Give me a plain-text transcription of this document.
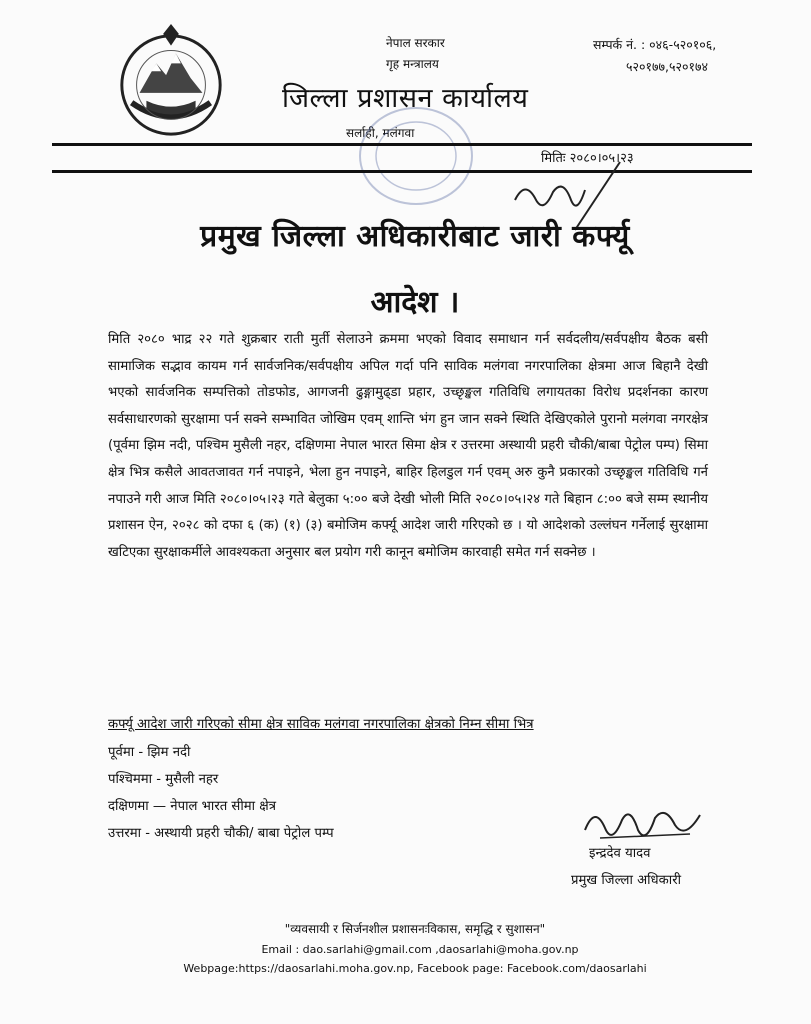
नेपाल सरकार
गृह मन्त्रालय
सम्पर्क नं. : ०४६-५२०१०६,
५२०१७७,५२०१७४
जिल्ला प्रशासन कार्यालय
सर्लाही, मलंगवा
मितिः २०८०।०५।२३
प्रमुख जिल्ला अधिकारीबाट जारी कर्फ्यू
आदेश ।
मिति २०८० भाद्र २२ गते शुक्रबार राती मुर्ती सेलाउने क्रममा भएको विवाद समाधान गर्न सर्वदलीय/सर्वपक्षीय बैठक बसी सामाजिक सद्भाव कायम गर्न सार्वजनिक/सर्वपक्षीय अपिल गर्दा पनि साविक मलंगवा नगरपालिका क्षेत्रमा आज बिहानै देखी भएको सार्वजनिक सम्पत्तिको तोडफोड, आगजनी ढुङ्गामुढ्डा प्रहार, उच्छृङ्खल गतिविधि लगायतका विरोध प्रदर्शनका कारण सर्वसाधारणको सुरक्षामा पर्न सक्ने सम्भावित जोखिम एवम् शान्ति भंग हुन जान सक्ने स्थिति देखिएकोले पुरानो मलंगवा नगरक्षेत्र (पूर्वमा झिम नदी, पश्चिम मुसैली नहर, दक्षिणमा नेपाल भारत सिमा क्षेत्र र उत्तरमा अस्थायी प्रहरी चौकी/बाबा पेट्रोल पम्प) सिमा क्षेत्र भित्र कसैले आवतजावत गर्न नपाइने, भेला हुन नपाइने, बाहिर हिलडुल गर्न एवम् अरु कुनै प्रकारको उच्छृङ्खल गतिविधि गर्न नपाउने गरी आज मिति २०८०।०५।२३ गते बेलुका ५:०० बजे देखी भोली मिति २०८०।०५।२४ गते बिहान ८:०० बजे सम्म स्थानीय प्रशासन ऐन, २०२८ को दफा ६ (क) (१) (३) बमोजिम कर्फ्यू आदेश जारी गरिएको छ । यो आदेशको उल्लंघन गर्नेलाई सुरक्षामा खटिएका सुरक्षाकर्मीले आवश्यकता अनुसार बल प्रयोग गरी कानून बमोजिम कारवाही समेत गर्न सक्नेछ ।
कर्फ्यू आदेश जारी गरिएको सीमा क्षेत्र साविक मलंगवा नगरपालिका क्षेत्रको निम्न सीमा भित्र
पूर्वमा - झिम नदी
पश्चिममा - मुसैली नहर
दक्षिणमा — नेपाल भारत सीमा क्षेत्र
उत्तरमा - अस्थायी प्रहरी चौकी/ बाबा पेट्रोल पम्प
इन्द्रदेव यादव
प्रमुख जिल्ला अधिकारी
"व्यवसायी र सिर्जनशील प्रशासनःविकास, समृद्धि र सुशासन"
Email : dao.sarlahi@gmail.com ,daosarlahi@moha.gov.np
Webpage:https://daosarlahi.moha.gov.np, Facebook page: Facebook.com/daosarlahi
